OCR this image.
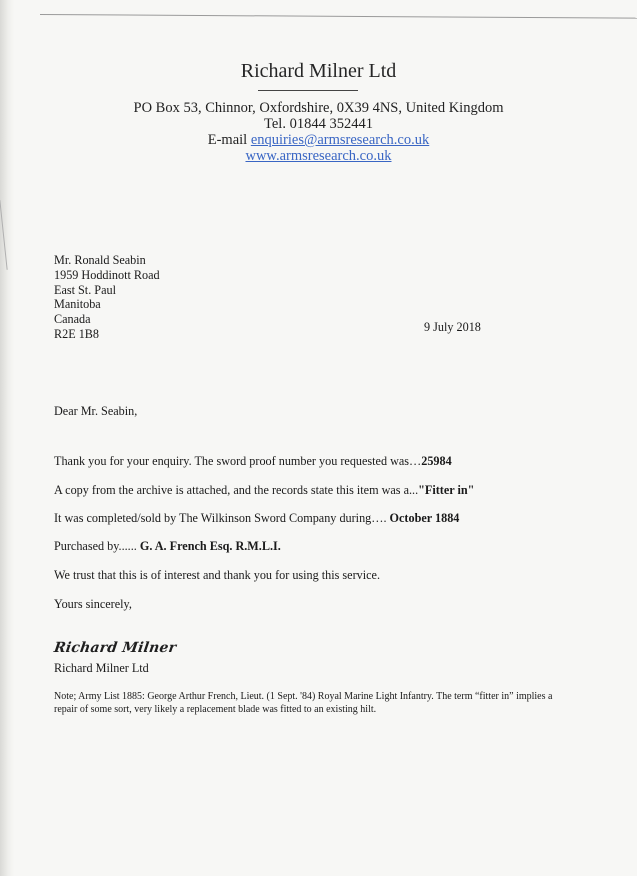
Richard Milner Ltd
PO Box 53, Chinnor, Oxfordshire, 0X39 4NS, United Kingdom
Tel. 01844 352441
E-mail enquiries@armsresearch.co.uk
www.armsresearch.co.uk
Mr. Ronald Seabin
1959 Hoddinott Road
East St. Paul
Manitoba
Canada
R2E 1B8	9 July 2018
Dear Mr. Seabin,
Thank you for your enquiry. The sword proof number you requested was…25984
A copy from the archive is attached, and the records state this item was a..."Fitter in"
It was completed/sold by The Wilkinson Sword Company during…. October 1884
Purchased by...... G. A. French Esq. R.M.L.I.
We trust that this is of interest and thank you for using this service.
Yours sincerely,
Richard Milner
Richard Milner Ltd
Note; Army List 1885: George Arthur French, Lieut. (1 Sept. '84) Royal Marine Light Infantry. The term “fitter in” implies a repair of some sort, very likely a replacement blade was fitted to an existing hilt.
